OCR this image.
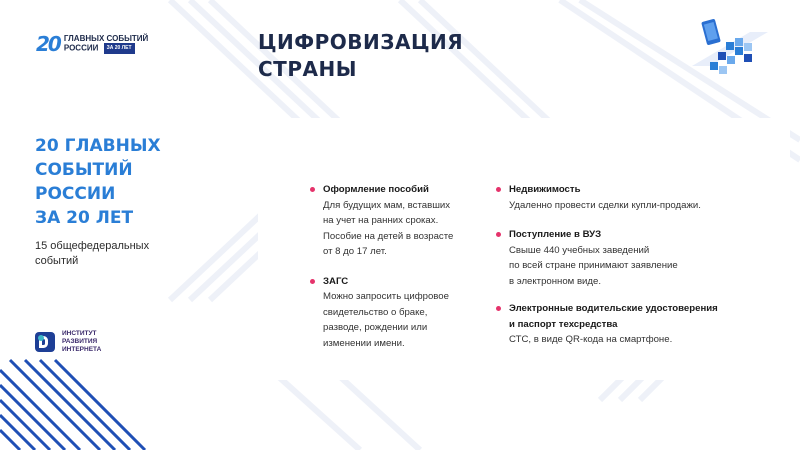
20 ГЛАВНЫХ СОБЫТИЙ
РОССИИ ЗА 20 ЛЕТ	ЦИФРОВИЗАЦИЯ
СТРАНЫ
20 ГЛАВНЫХ
СОБЫТИЙ
РОССИИ
ЗА 20 ЛЕТ
15 общефедеральных событий
ИНСТИТУТ
РАЗВИТИЯ
ИНТЕРНЕТА
Оформление пособий
Для будущих мам, вставших
на учет на ранних сроках.
Пособие на детей в возрасте
от 8 до 17 лет.
ЗАГС
Можно запросить цифровое
свидетельство о браке,
разводе, рождении или
изменении имени.
Недвижимость
Удаленно провести сделки купли-продажи.
Поступление в ВУЗ
Свыше 440 учебных заведений
по всей стране принимают заявление
в электронном виде.
Электронные водительские удостоверения
и паспорт техсредства
СТС, в виде QR-кода на смартфоне.
